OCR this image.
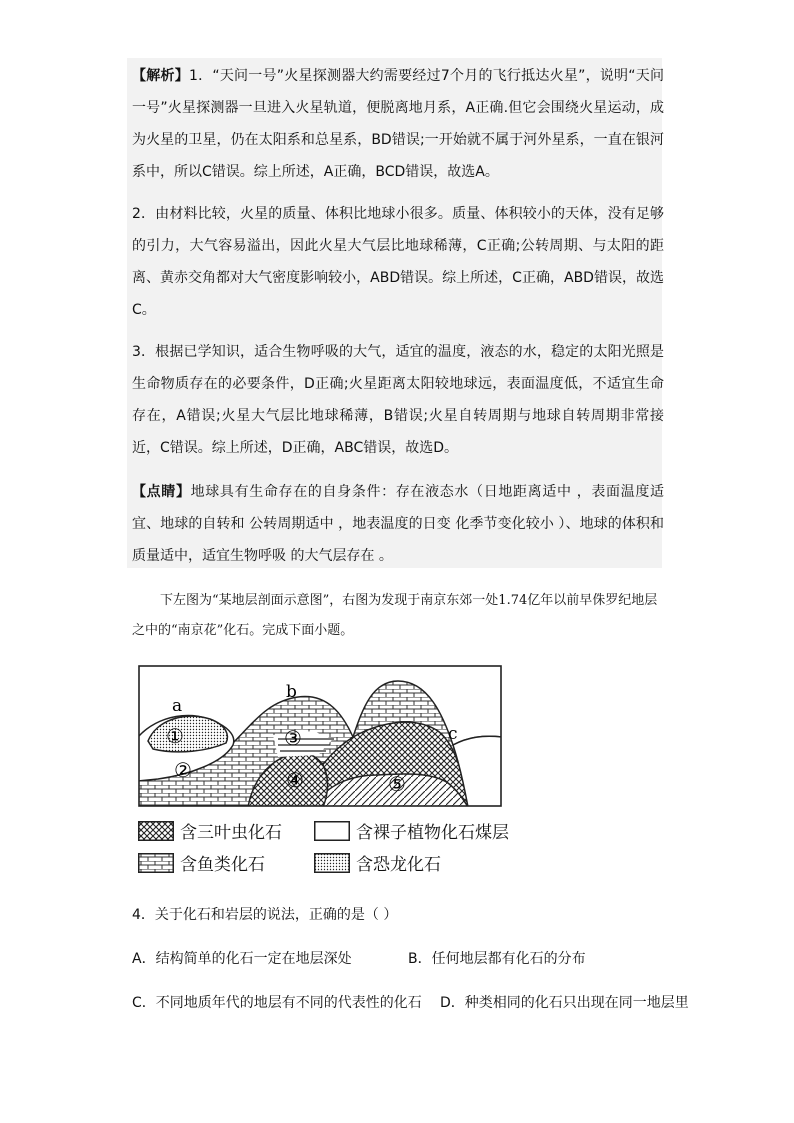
【解析】1．“天问一号”火星探测器大约需要经过7个月的飞行抵达火星”，说明“天问一号”火星探测器一旦进入火星轨道，便脱离地月系，A正确.但它会围绕火星运动，成为火星的卫星，仍在太阳系和总星系，BD错误;一开始就不属于河外星系，一直在银河系中，所以C错误。综上所述，A正确，BCD错误，故选A。

2．由材料比较，火星的质量、体积比地球小很多。质量、体积较小的天体，没有足够的引力，大气容易溢出，因此火星大气层比地球稀薄，C正确;公转周期、与太阳的距离、黄赤交角都对大气密度影响较小，ABD错误。综上所述，C正确，ABD错误，故选C。

3．根据已学知识，适合生物呼吸的大气，适宜的温度，液态的水，稳定的太阳光照是生命物质存在的必要条件，D正确;火星距离太阳较地球远，表面温度低，不适宜生命存在，A错误;火星大气层比地球稀薄，B错误;火星自转周期与地球自转周期非常接近，C错误。综上所述，D正确，ABC错误，故选D。

【点睛】地球具有生命存在的自身条件：存在液态水（日地距离适中 ，表面温度适宜、地球的自转和 公转周期适中 ，地表温度的日变 化季节变化较小 ）、地球的体积和质量适中，适宜生物呼吸 的大气层存在 。

下左图为“某地层剖面示意图”，右图为发现于南京东郊一处1.74亿年以前早侏罗纪地层之中的“南京花”化石。完成下面小题。

a
b
c
①
②
③
④	⑤
含三叶虫化石	含裸子植物化石煤层
含鱼类化石	含恐龙化石

4．关于化石和岩层的说法，正确的是（ ）

A．结构简单的化石一定在地层深处	B．任何地层都有化石的分布

C．不同地质年代的地层有不同的代表性的化石 D．种类相同的化石只出现在同一地层里
